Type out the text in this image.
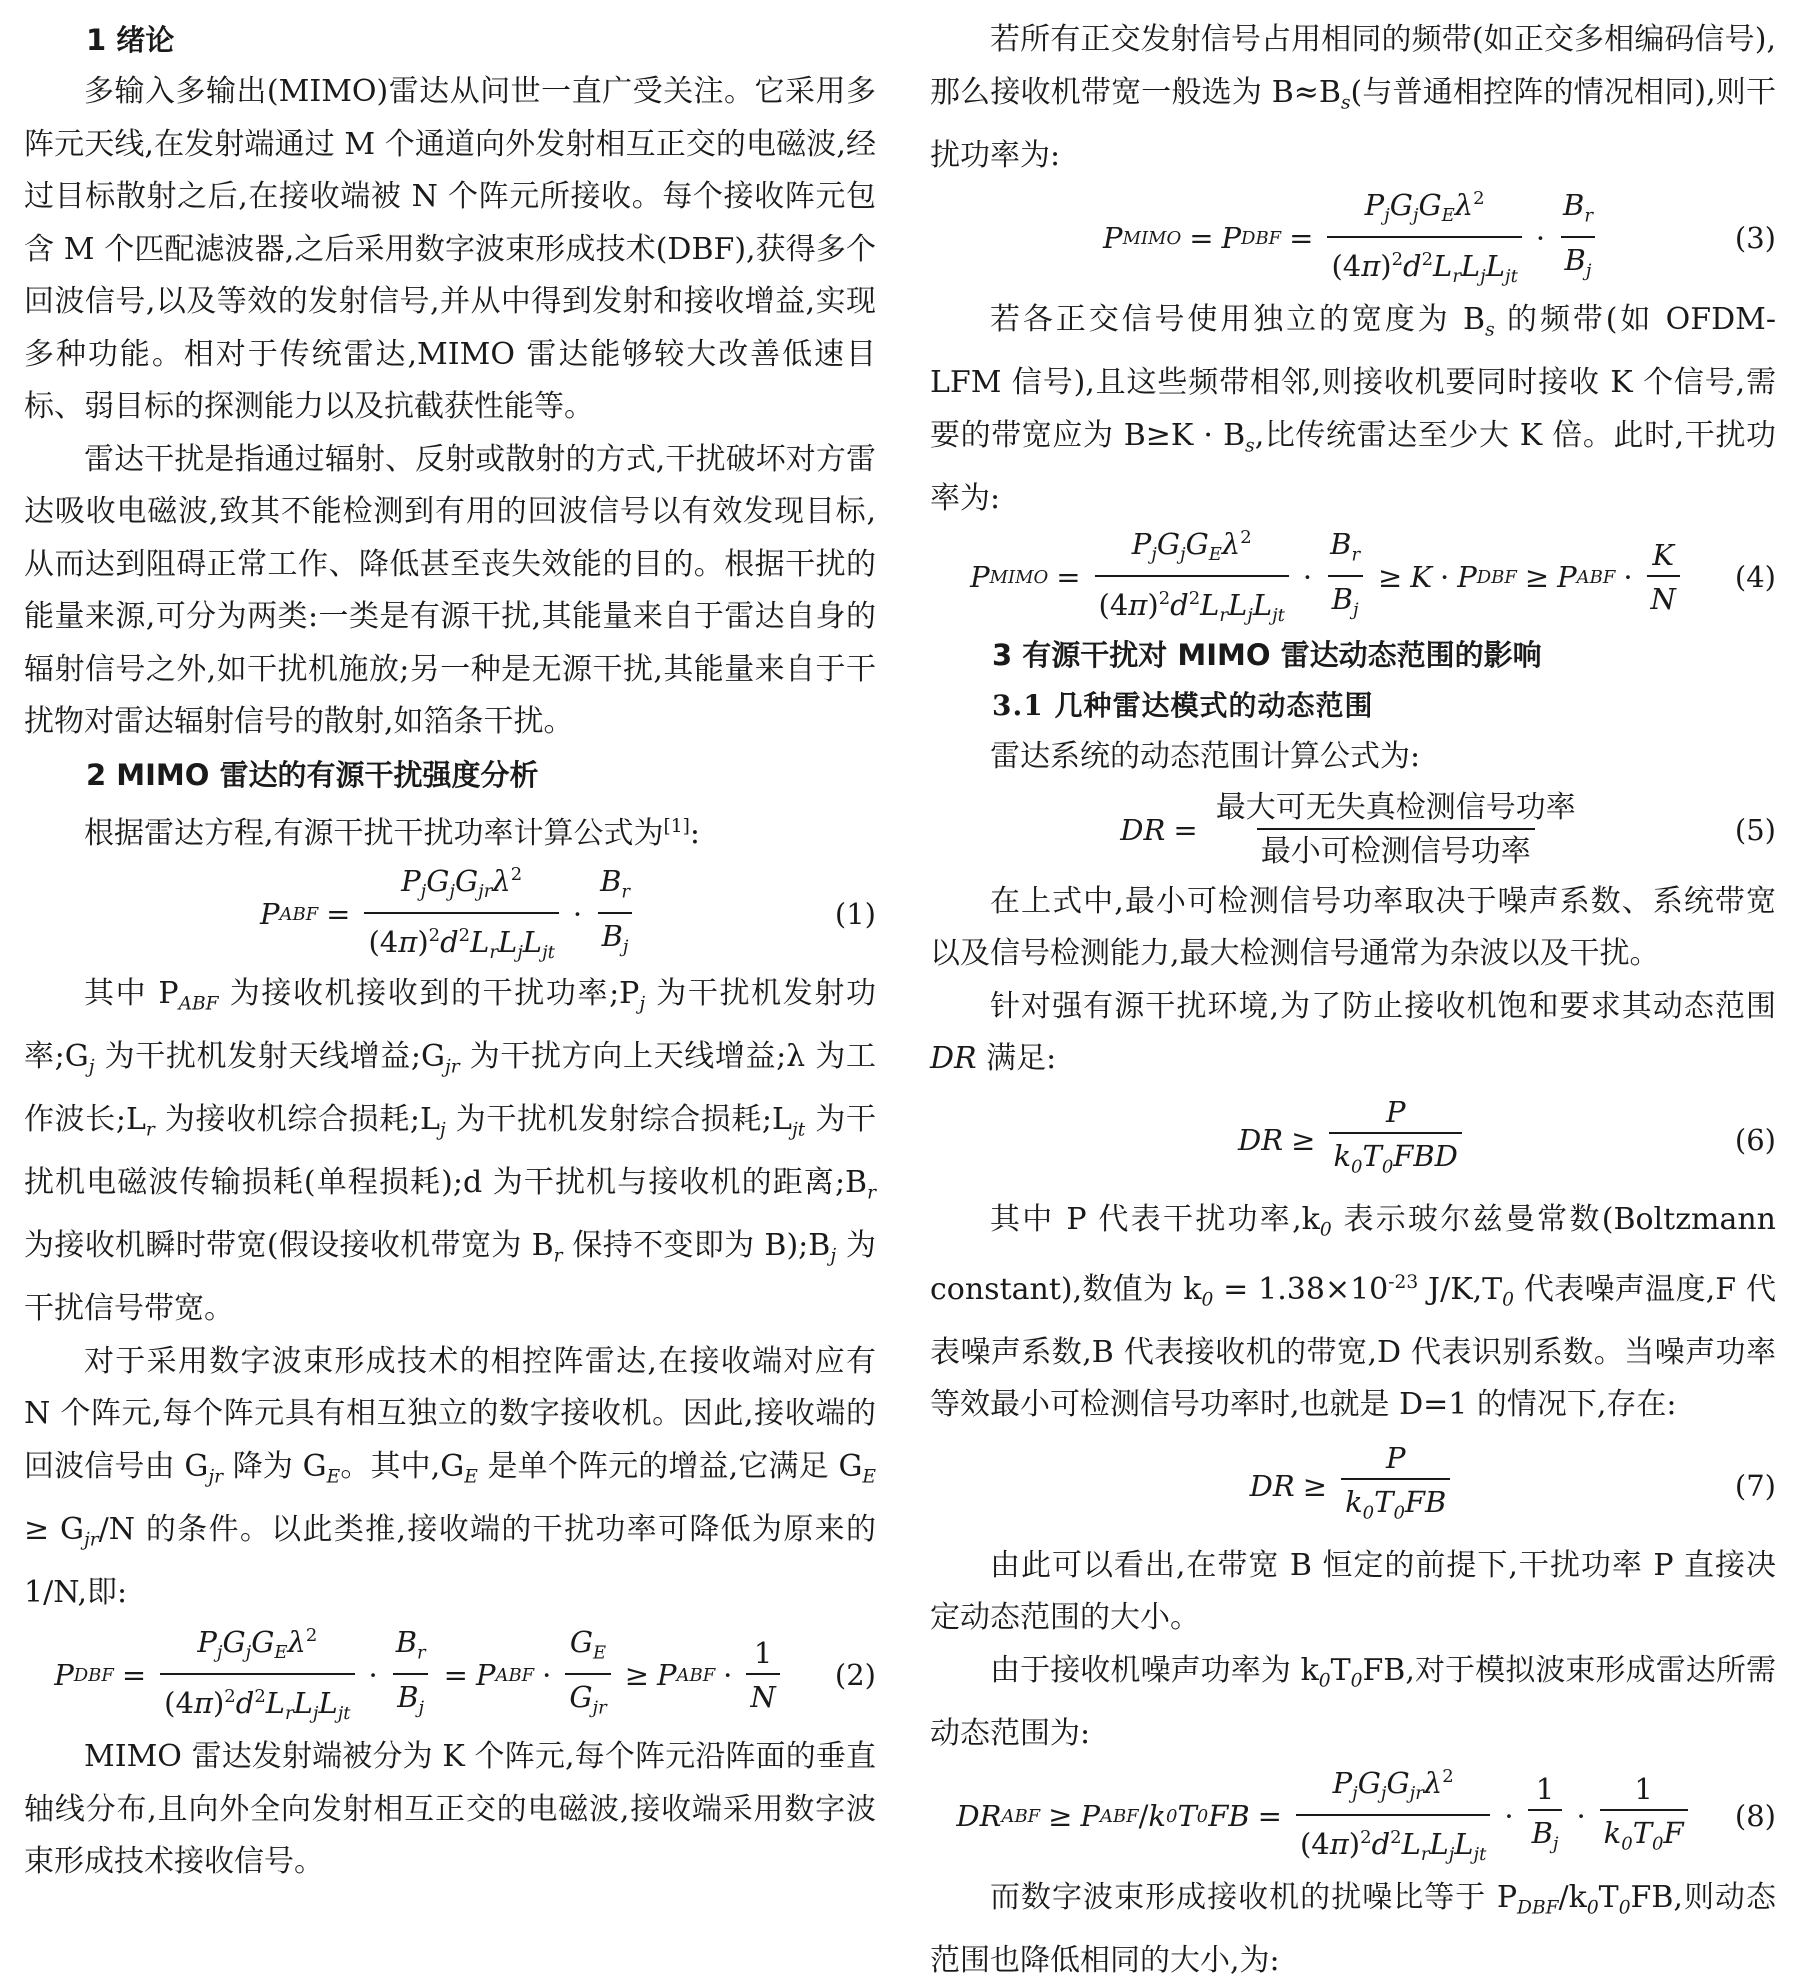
1 绪论

多输入多输出(MIMO)雷达从问世一直广受关注。它采用多阵元天线,在发射端通过 M 个通道向外发射相互正交的电磁波,经过目标散射之后,在接收端被 N 个阵元所接收。每个接收阵元包含 M 个匹配滤波器,之后采用数字波束形成技术(DBF),获得多个回波信号,以及等效的发射信号,并从中得到发射和接收增益,实现多种功能。相对于传统雷达,MIMO 雷达能够较大改善低速目标、弱目标的探测能力以及抗截获性能等。

雷达干扰是指通过辐射、反射或散射的方式,干扰破坏对方雷达吸收电磁波,致其不能检测到有用的回波信号以有效发现目标,从而达到阻碍正常工作、降低甚至丧失效能的目的。根据干扰的能量来源,可分为两类:一类是有源干扰,其能量来自于雷达自身的辐射信号之外,如干扰机施放;另一种是无源干扰,其能量来自于干扰物对雷达辐射信号的散射,如箔条干扰。

2 MIMO 雷达的有源干扰强度分析

根据雷达方程,有源干扰干扰功率计算公式为[1]:

P ABF = $\frac{P_jG_jG_{jr}\lambda^2}{(4\pi)^2d^2L_rL_jL_{jt}} \cdot \frac{B_r}{B_j}$	(1)

其中 $P_{ABF}$ 为接收机接收到的干扰功率$;P_j$ 为干扰机发射功率$;G_j$ 为干扰机发射天线增益$;G_{jr}$ 为干扰方向上天线增益;λ 为工作波长$;L_r$ 为接收机综合损耗$;L_j$ 为干扰机发射综合损耗$;L_{jt}$ 为干扰机电磁波传输损耗(单程损耗);d 为干扰机与接收机的距离$;B_r$ 为接收机瞬时带宽(假设接收机带宽为 $B_r$ 保持不变即为 $B);B_j$ 为干扰信号带宽。

对于采用数字波束形成技术的相控阵雷达,在接收端对应有 N 个阵元,每个阵元具有相互独立的数字接收机。因此,接收端的回波信号由 $G_{jr}$ 降为 $G_E$。其中$,G_E$ 是单个阵元的增益,它满足 $G_E \ge G_{jr}/N$ 的条件。以此类推,接收端的干扰功率可降低为原来的 1/N,即:

P DBF = $\frac{P_jG_jG_E\lambda^2}{(4\pi)^2d^2L_rL_jL_{jt}} \cdot \frac{B_r}{B_j} = P$ ABF · $\frac{G_E}{G_{jr}} \ge P$ ABF · $\frac{1}{N} (2)$

MIMO 雷达发射端被分为 K 个阵元,每个阵元沿阵面的垂直轴线分布,且向外全向发射相互正交的电磁波,接收端采用数字波束形成技术接收信号。

若所有正交发射信号占用相同的频带(如正交多相编码信号),那么接收机带宽一般选为 $B\approx B_s$(与普通相控阵的情况相同),则干扰功率为:

P MIMO = P DBF = $\frac{P_jG_jG_E\lambda^2}{(4\pi)^2d^2L_rL_jL_{jt}} \cdot \frac{B_r}{B_j}$	(3)

若各正交信号使用独立的宽度为 $B_s$ 的频带(如 OFDM-LFM 信号),且这些频带相邻,则接收机要同时接收 K 个信号,需要的带宽应为 $B\ge K \cdot B_s$,比传统雷达至少大 K 倍。此时,干扰功率为:

P MIMO = $\frac{P_jG_jG_E\lambda^2}{(4\pi)^2d^2L_rL_jL_{jt}} \cdot \frac{B_r}{B_j} \ge K \cdot P$ DBF ≥ P ABF · $\frac{K}{N} (4)$
3 有源干扰对 MIMO 雷达动态范围的影响
3.1 几种雷达模式的动态范围

雷达系统的动态范围计算公式为:

DR = $\frac{\text{最大可无失真检测信号功率}}{\text{最小可检测信号功率}}$	(5)

在上式中,最小可检测信号功率取决于噪声系数、系统带宽以及信号检测能力,最大检测信号通常为杂波以及干扰。

针对强有源干扰环境,为了防止接收机饱和要求其动态范围 DR 满足:

DR ≥ $\frac{P}{k_0T_0FBD}$	(6)

其中 P 代表干扰功率$,k_0$ 表示玻尔兹曼常数(Boltzmann constant),数值为 $k_0 = 1.38\times 10^{-23}$ $J/K,T_0$ 代表噪声温度,F 代表噪声系数,B 代表接收机的带宽,D 代表识别系数。当噪声功率等效最小可检测信号功率时,也就是 D=1 的情况下,存在:

DR ≥ $\frac{P}{k_0T_0FB}$	(7)

由此可以看出,在带宽 B 恒定的前提下,干扰功率 P 直接决定动态范围的大小。

由于接收机噪声功率为 $k_0T_0FB$,对于模拟波束形成雷达所需动态范围为:

DR ABF ≥ P ABF / k 0 T 0 FB = $\frac{P_jG_jG_{jr}\lambda^2}{(4\pi)^2d^2L_rL_jL_{jt}} \cdot \frac{1}{B_j} \cdot \frac{1}{k_0T_0F} (8)$

而数字波束形成接收机的扰噪比等于 $P_{DBF}/k_0T_0FB$,则动态范围也降低相同的大小,为:
